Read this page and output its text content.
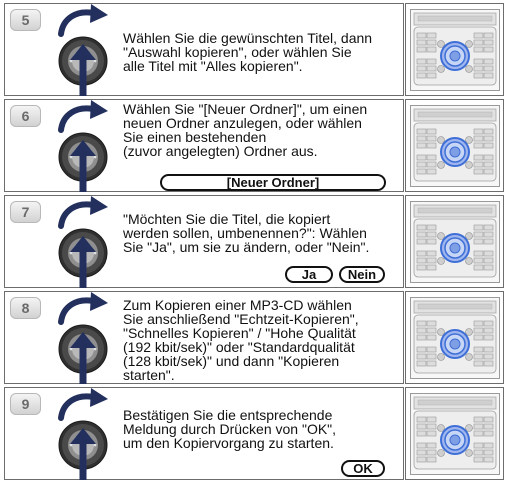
5
Wählen Sie die gewünschten Titel, dann
"Auswahl kopieren", oder wählen Sie
alle Titel mit "Alles kopieren".
6	Wählen Sie "[Neuer Ordner]", um einen
neuen Ordner anzulegen, oder wählen
Sie einen bestehenden
(zuvor angelegten) Ordner aus.
[Neuer Ordner]
7	"Möchten Sie die Titel, die kopiert
werden sollen, umbenennen?": Wählen
Sie "Ja", um sie zu ändern, oder "Nein".
Ja	Nein
8	Zum Kopieren einer MP3-CD wählen
Sie anschließend "Echtzeit-Kopieren",
"Schnelles Kopieren" / "Hohe Qualität
(192 kbit/sek)" oder "Standardqualität
(128 kbit/sek)" und dann "Kopieren
starten".
9
Bestätigen Sie die entsprechende
Meldung durch Drücken von "OK",
um den Kopiervorgang zu starten.
OK
